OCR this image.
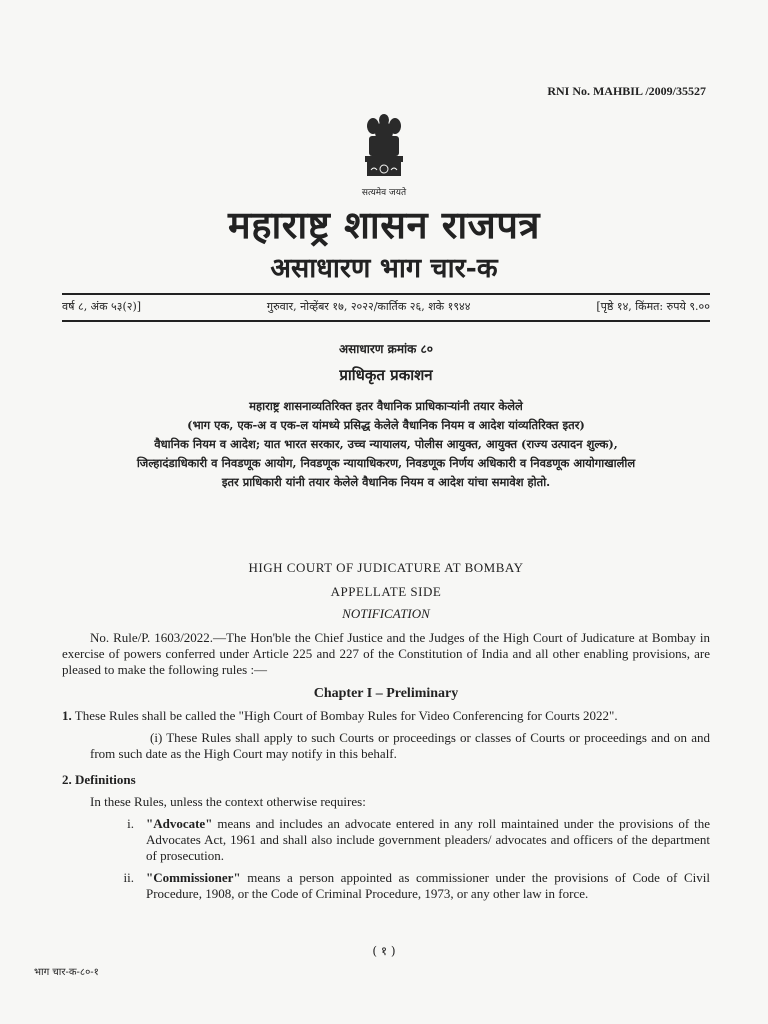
RNI No. MAHBIL /2009/35527
सत्यमेव जयते
महाराष्ट्र शासन राजपत्र
असाधारण भाग चार-क
वर्ष ८, अंक ५३(२)]	गुरुवार, नोव्हेंबर १७, २०२२/कार्तिक २६, शके १९४४	[पृष्ठे १४, किंमत: रुपये ९.००
असाधारण क्रमांक ८०
प्राधिकृत प्रकाशन
महाराष्ट्र शासनाव्यतिरिक्त इतर वैधानिक प्राधिकाऱ्यांनी तयार केलेले
(भाग एक, एक-अ व एक-ल यांमध्ये प्रसिद्ध केलेले वैधानिक नियम व आदेश यांव्यतिरिक्त इतर)
वैधानिक नियम व आदेश; यात भारत सरकार, उच्च न्यायालय, पोलीस आयुक्त, आयुक्त (राज्य उत्पादन शुल्क),
जिल्हादंडाधिकारी व निवडणूक आयोग, निवडणूक न्यायाधिकरण, निवडणूक निर्णय अधिकारी व निवडणूक आयोगाखालील
इतर प्राधिकारी यांनी तयार केलेले वैधानिक नियम व आदेश यांचा समावेश होतो.
HIGH COURT OF JUDICATURE AT BOMBAY
APPELLATE SIDE
NOTIFICATION

No. Rule/P. 1603/2022.—The Hon'ble the Chief Justice and the Judges of the High Court of Judicature at Bombay in exercise of powers conferred under Article 225 and 227 of the Constitution of India and all other enabling provisions, are pleased to make the following rules :—

Chapter I – Preliminary

1. These Rules shall be called the "High Court of Bombay Rules for Video Conferencing for Courts 2022".

(i) These Rules shall apply to such Courts or proceedings or classes of Courts or proceedings and on and from such date as the High Court may notify in this behalf.

2. Definitions
In these Rules, unless the context otherwise requires:
i. "Advocate" means and includes an advocate entered in any roll maintained under the provisions of the Advocates Act, 1961 and shall also include government pleaders/ advocates and officers of the department of prosecution.
ii. "Commissioner" means a person appointed as commissioner under the provisions of Code of Civil Procedure, 1908, or the Code of Criminal Procedure, 1973, or any other law in force.
( १ )
भाग चार-क-८०-१
